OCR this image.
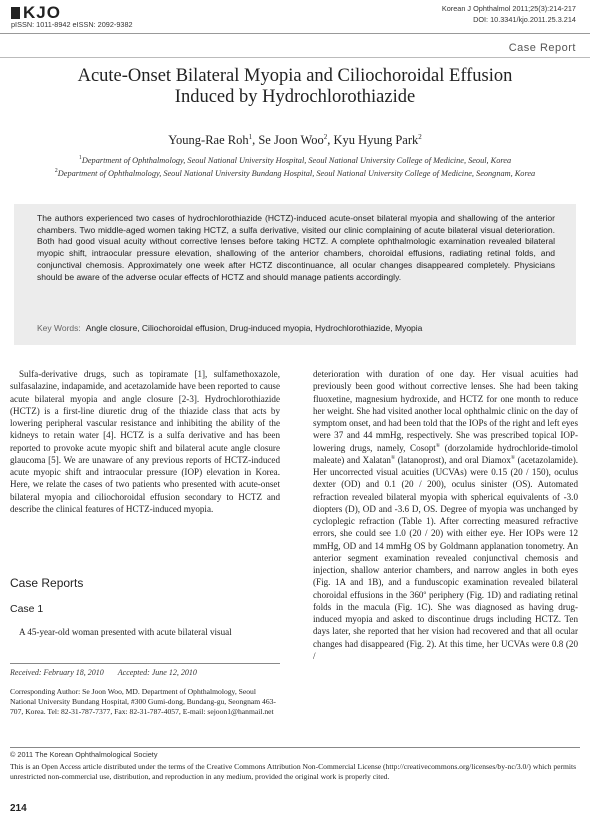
KJO
pISSN: 1011-8942 eISSN: 2092-9382
Korean J Ophthalmol 2011;25(3):214-217
DOI: 10.3341/kjo.2011.25.3.214
Case Report
Acute-Onset Bilateral Myopia and Ciliochoroidal Effusion
Induced by Hydrochlorothiazide
Young-Rae Roh$^1$, Se Joon Woo$^2$, Kyu Hyung Park$^2$
$^1$Department of Ophthalmology, Seoul National University Hospital, Seoul National University College of Medicine, Seoul, Korea
$^2$Department of Ophthalmology, Seoul National University Bundang Hospital, Seoul National University College of Medicine, Seongnam, Korea
The authors experienced two cases of hydrochlorothiazide (HCTZ)-induced acute-onset bilateral myopia and shallowing of the anterior chambers. Two middle-aged women taking HCTZ, a sulfa derivative, visited our clinic complaining of acute bilateral visual deterioration. Both had good visual acuity without corrective lenses before taking HCTZ. A complete ophthalmologic examination revealed bilateral myopic shift, intraocular pressure elevation, shallowing of the anterior chambers, choroidal effusions, radiating retinal folds, and conjunctival chemosis. Approximately one week after HCTZ discontinuance, all ocular changes disappeared completely. Physicians should be aware of the adverse ocular effects of HCTZ and should manage patients accordingly.
Key Words: Angle closure, Ciliochoroidal effusion, Drug-induced myopia, Hydrochlorothiazide, Myopia

Sulfa-derivative drugs, such as topiramate [1], sulfamethoxazole, sulfasalazine, indapamide, and acetazolamide have been reported to cause acute bilateral myopia and angle closure [2-3]. Hydrochlorothiazide (HCTZ) is a first-line diuretic drug of the thiazide class that acts by lowering peripheral vascular resistance and inhibiting the ability of the kidneys to retain water [4]. HCTZ is a sulfa derivative and has been reported to provoke acute myopic shift and bilateral acute angle closure glaucoma [5]. We are unaware of any previous reports of HCTZ-induced acute myopic shift and intraocular pressure (IOP) elevation in Korea. Here, we relate the cases of two patients who presented with acute-onset bilateral myopia and ciliochoroidal effusion secondary to HCTZ and describe the clinical features of HCTZ-induced myopia.

Case Reports
Case 1

A 45-year-old woman presented with acute bilateral visual

Received: February 18, 2010 Accepted: June 12, 2010
Corresponding Author: Se Joon Woo, MD. Department of Ophthalmology, Seoul National University Bundang Hospital, #300 Gumi-dong, Bundang-gu, Seongnam 463-707, Korea. Tel: 82-31-787-7377, Fax: 82-31-787-4057, E-mail: sejoon1@hanmail.net
deterioration with duration of one day. Her visual acuities had previously been good without corrective lenses. She had been taking fluoxetine, magnesium hydroxide, and HCTZ for one month to reduce her weight. She had visited another local ophthalmic clinic on the day of symptom onset, and had been told that the IOPs of the right and left eyes were 37 and 44 mmHg, respectively. She was prescribed topical IOP-lowering drugs, namely, Cosopt® (dorzolamide hydrochloride-timolol maleate) and Xalatan® (latanoprost), and oral Diamox® (acetazolamide). Her uncorrected visual acuities (UCVAs) were 0.15 (20 / 150), oculus dexter (OD) and 0.1 (20 / 200), oculus sinister (OS). Automated refraction revealed bilateral myopia with spherical equivalents of -3.0 diopters (D), OD and -3.6 D, OS. Degree of myopia was unchanged by cycloplegic refraction (Table 1). After correcting measured refractive errors, she could see 1.0 (20 / 20) with either eye. Her IOPs were 12 mmHg, OD and 14 mmHg OS by Goldmann applanation tonometry. An anterior segment examination revealed conjunctival chemosis and injection, shallow anterior chambers, and narrow angles in both eyes (Fig. 1A and 1B), and a funduscopic examination revealed bilateral choroidal effusions in the 360$^o$ periphery (Fig. 1D) and radiating retinal folds in the macula (Fig. 1C). She was diagnosed as having drug-induced myopia and asked to discontinue drugs including HCTZ. Ten days later, she reported that her vision had recovered and that all ocular changes had disappeared (Fig. 2). At this time, her UCVAs were 0.8 (20 /
© 2011 The Korean Ophthalmological Society
This is an Open Access article distributed under the terms of the Creative Commons Attribution Non-Commercial License (http://creativecommons.org/licenses/by-nc/3.0/) which permits unrestricted non-commercial use, distribution, and reproduction in any medium, provided the original work is properly cited.
214
